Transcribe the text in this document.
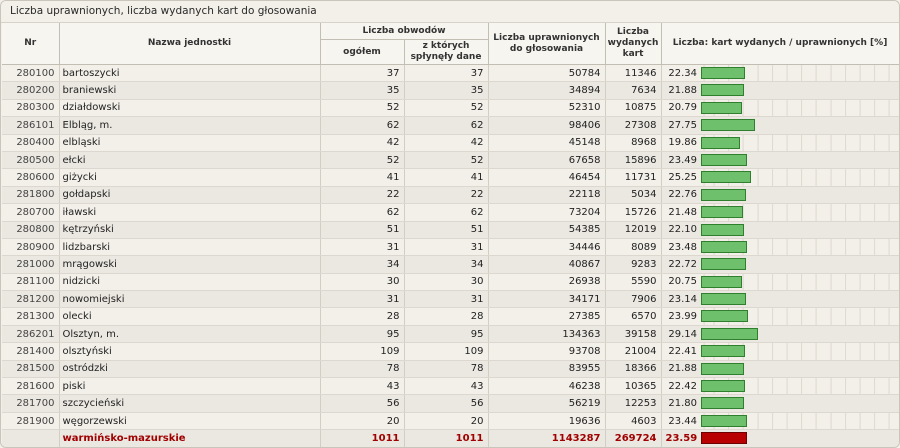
Liczba uprawnionych, liczba wydanych kart do głosowania
Nr	Nazwa jednostki	Liczba obwodów		Liczba uprawnionych do głosowania	Liczba wydanych kart	Liczba: kart wydanych / uprawnionych [%]	
		ogółem	z których spłynęły dane				
280100	bartoszycki	37	37	50784	11346	22.34	

280200	braniewski	35	35	34894	7634	21.88	

280300	działdowski	52	52	52310	10875	20.79	

286101	Elbląg, m.	62	62	98406	27308	27.75	

280400	elbląski	42	42	45148	8968	19.86	

280500	ełcki	52	52	67658	15896	23.49	

280600	giżycki	41	41	46454	11731	25.25	

281800	gołdapski	22	22	22118	5034	22.76	

280700	iławski	62	62	73204	15726	21.48	

280800	kętrzyński	51	51	54385	12019	22.10	

280900	lidzbarski	31	31	34446	8089	23.48	

281000	mrągowski	34	34	40867	9283	22.72	

281100	nidzicki	30	30	26938	5590	20.75	

281200	nowomiejski	31	31	34171	7906	23.14	

281300	olecki	28	28	27385	6570	23.99	

286201	Olsztyn, m.	95	95	134363	39158	29.14	

281400	olsztyński	109	109	93708	21004	22.41	

281500	ostródzki	78	78	83955	18366	21.88	

281600	piski	43	43	46238	10365	22.42	

281700	szczycieński	56	56	56219	12253	21.80	

281900	węgorzewski	20	20	19636	4603	23.44	

	warmińsko-mazurskie	1011	1011	1143287	269724	23.59	
